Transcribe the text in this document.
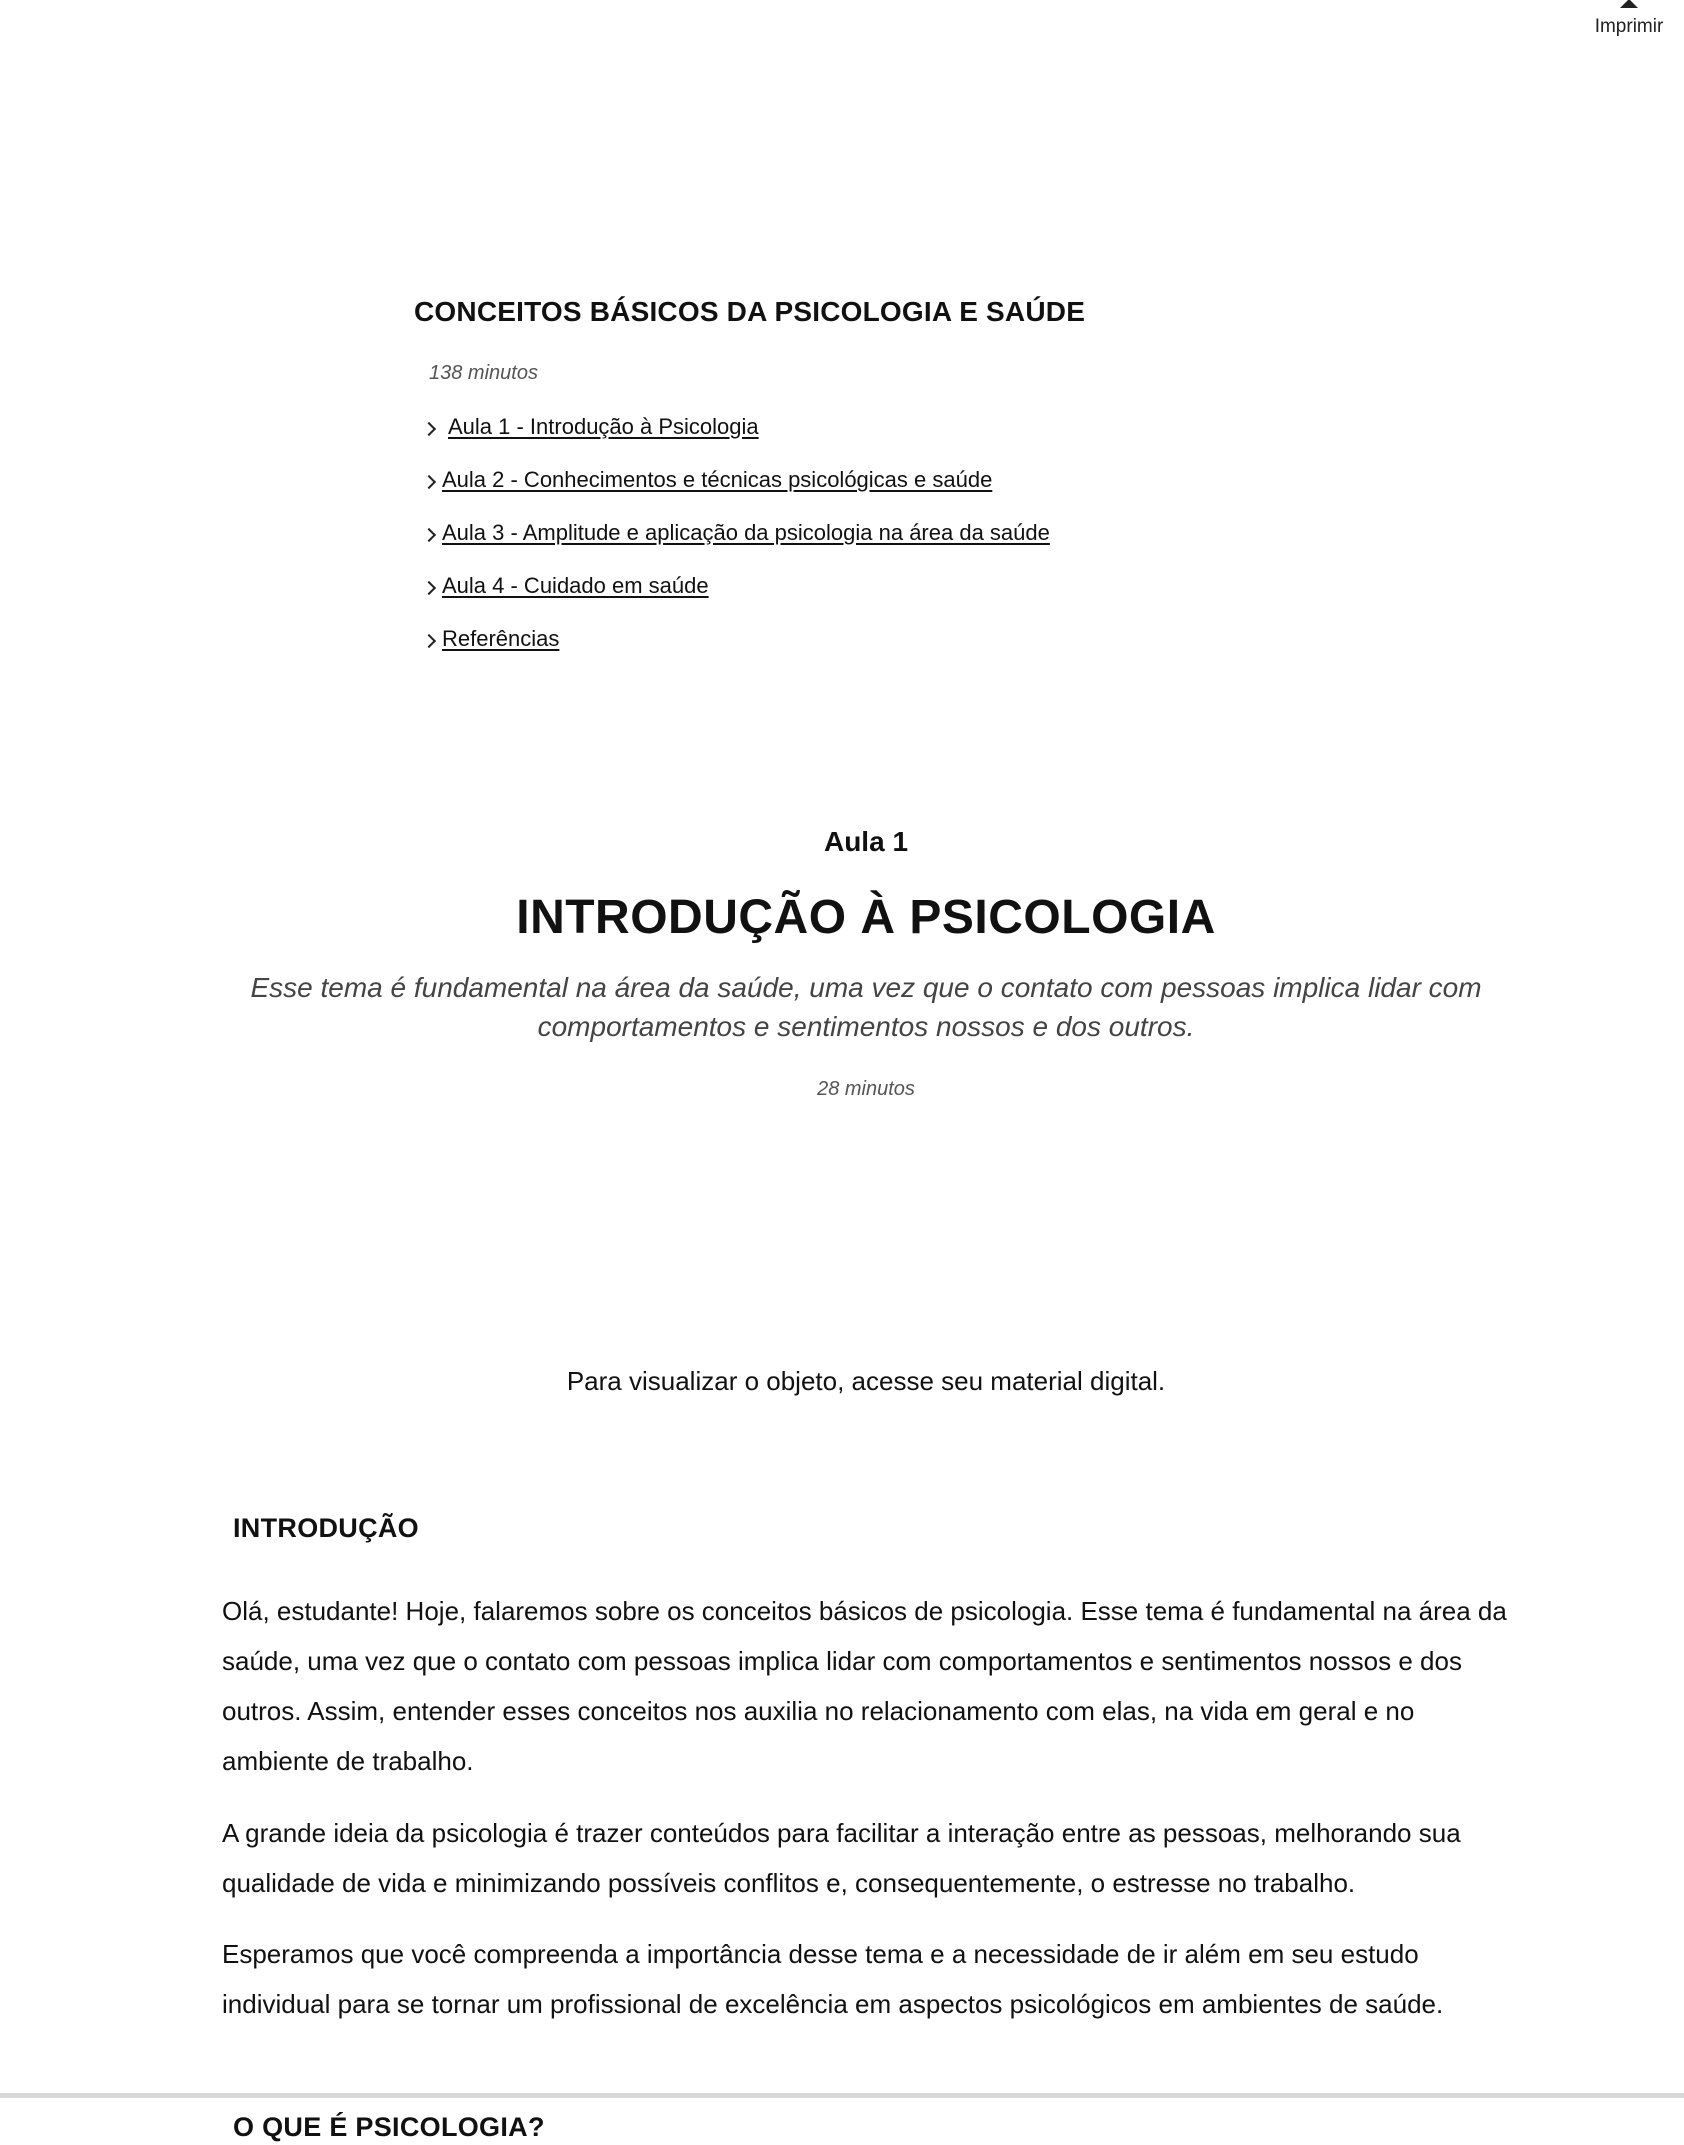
Imprimir
CONCEITOS BÁSICOS DA PSICOLOGIA E SAÚDE

138 minutos

Aula 1 - Introdução à Psicologia
Aula 2 - Conhecimentos e técnicas psicológicas e saúde
Aula 3 - Amplitude e aplicação da psicologia na área da saúde
Aula 4 - Cuidado em saúde
Referências
Aula 1
INTRODUÇÃO À PSICOLOGIA

Esse tema é fundamental na área da saúde, uma vez que o contato com pessoas implica lidar com comportamentos e sentimentos nossos e dos outros.

28 minutos

Para visualizar o objeto, acesse seu material digital.

INTRODUÇÃO

Olá, estudante! Hoje, falaremos sobre os conceitos básicos de psicologia. Esse tema é fundamental na área da saúde, uma vez que o contato com pessoas implica lidar com comportamentos e sentimentos nossos e dos outros. Assim, entender esses conceitos nos auxilia no relacionamento com elas, na vida em geral e no ambiente de trabalho.

A grande ideia da psicologia é trazer conteúdos para facilitar a interação entre as pessoas, melhorando sua qualidade de vida e minimizando possíveis conflitos e, consequentemente, o estresse no trabalho.

Esperamos que você compreenda a importância desse tema e a necessidade de ir além em seu estudo individual para se tornar um profissional de excelência em aspectos psicológicos em ambientes de saúde.

O QUE É PSICOLOGIA?
